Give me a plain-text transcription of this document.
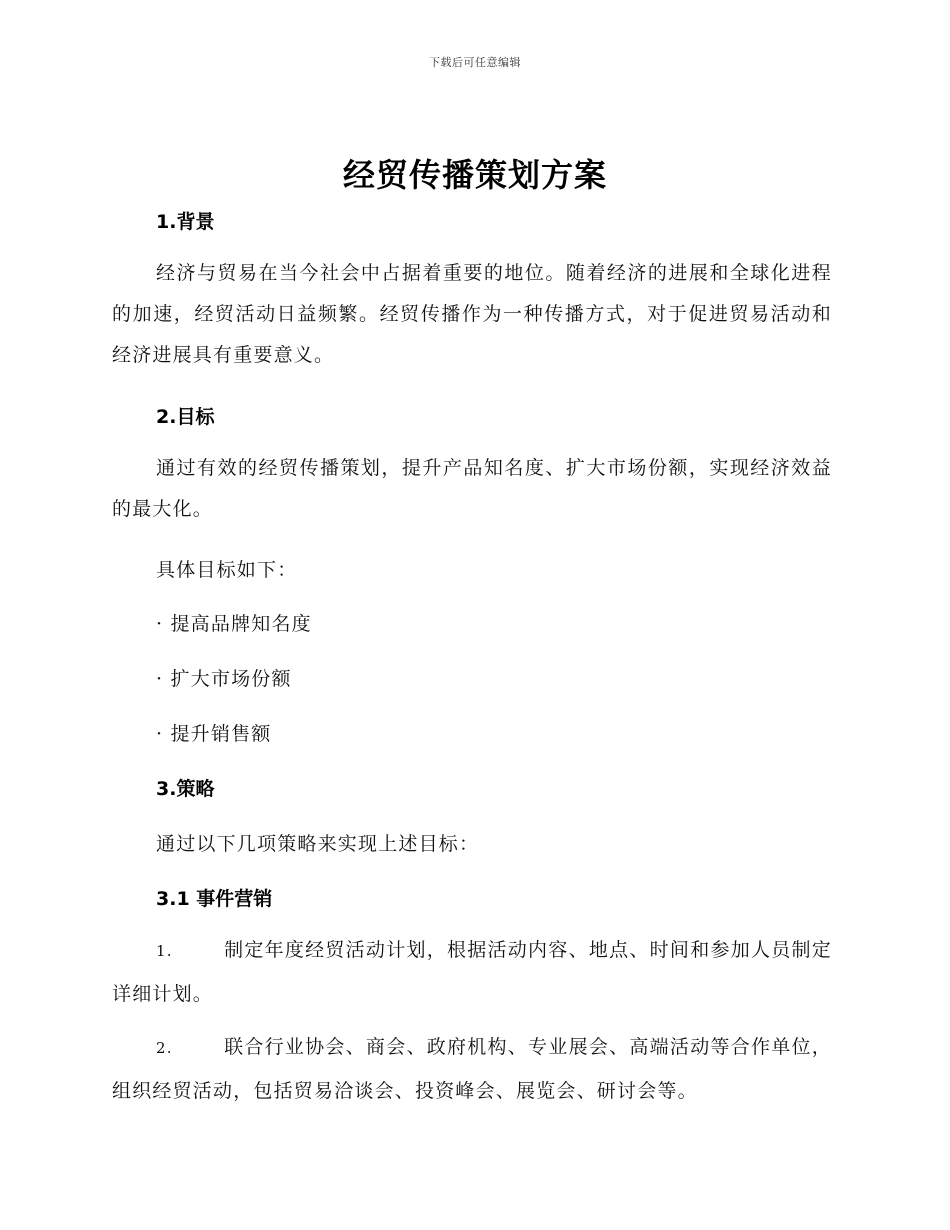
下载后可任意编辑
经贸传播策划方案
1.背景

经济与贸易在当今社会中占据着重要的地位。随着经济的进展和全球化进程的加速，经贸活动日益频繁。经贸传播作为一种传播方式，对于促进贸易活动和经济进展具有重要意义。

2.目标

通过有效的经贸传播策划，提升产品知名度、扩大市场份额，实现经济效益的最大化。

具体目标如下：
· 提高品牌知名度
· 扩大市场份额
· 提升销售额
3.策略
通过以下几项策略来实现上述目标：
3.1 事件营销

1.	制定年度经贸活动计划，根据活动内容、地点、时间和参加人员制定详细计划。

2.	联合行业协会、商会、政府机构、专业展会、高端活动等合作单位，组织经贸活动，包括贸易洽谈会、投资峰会、展览会、研讨会等。
